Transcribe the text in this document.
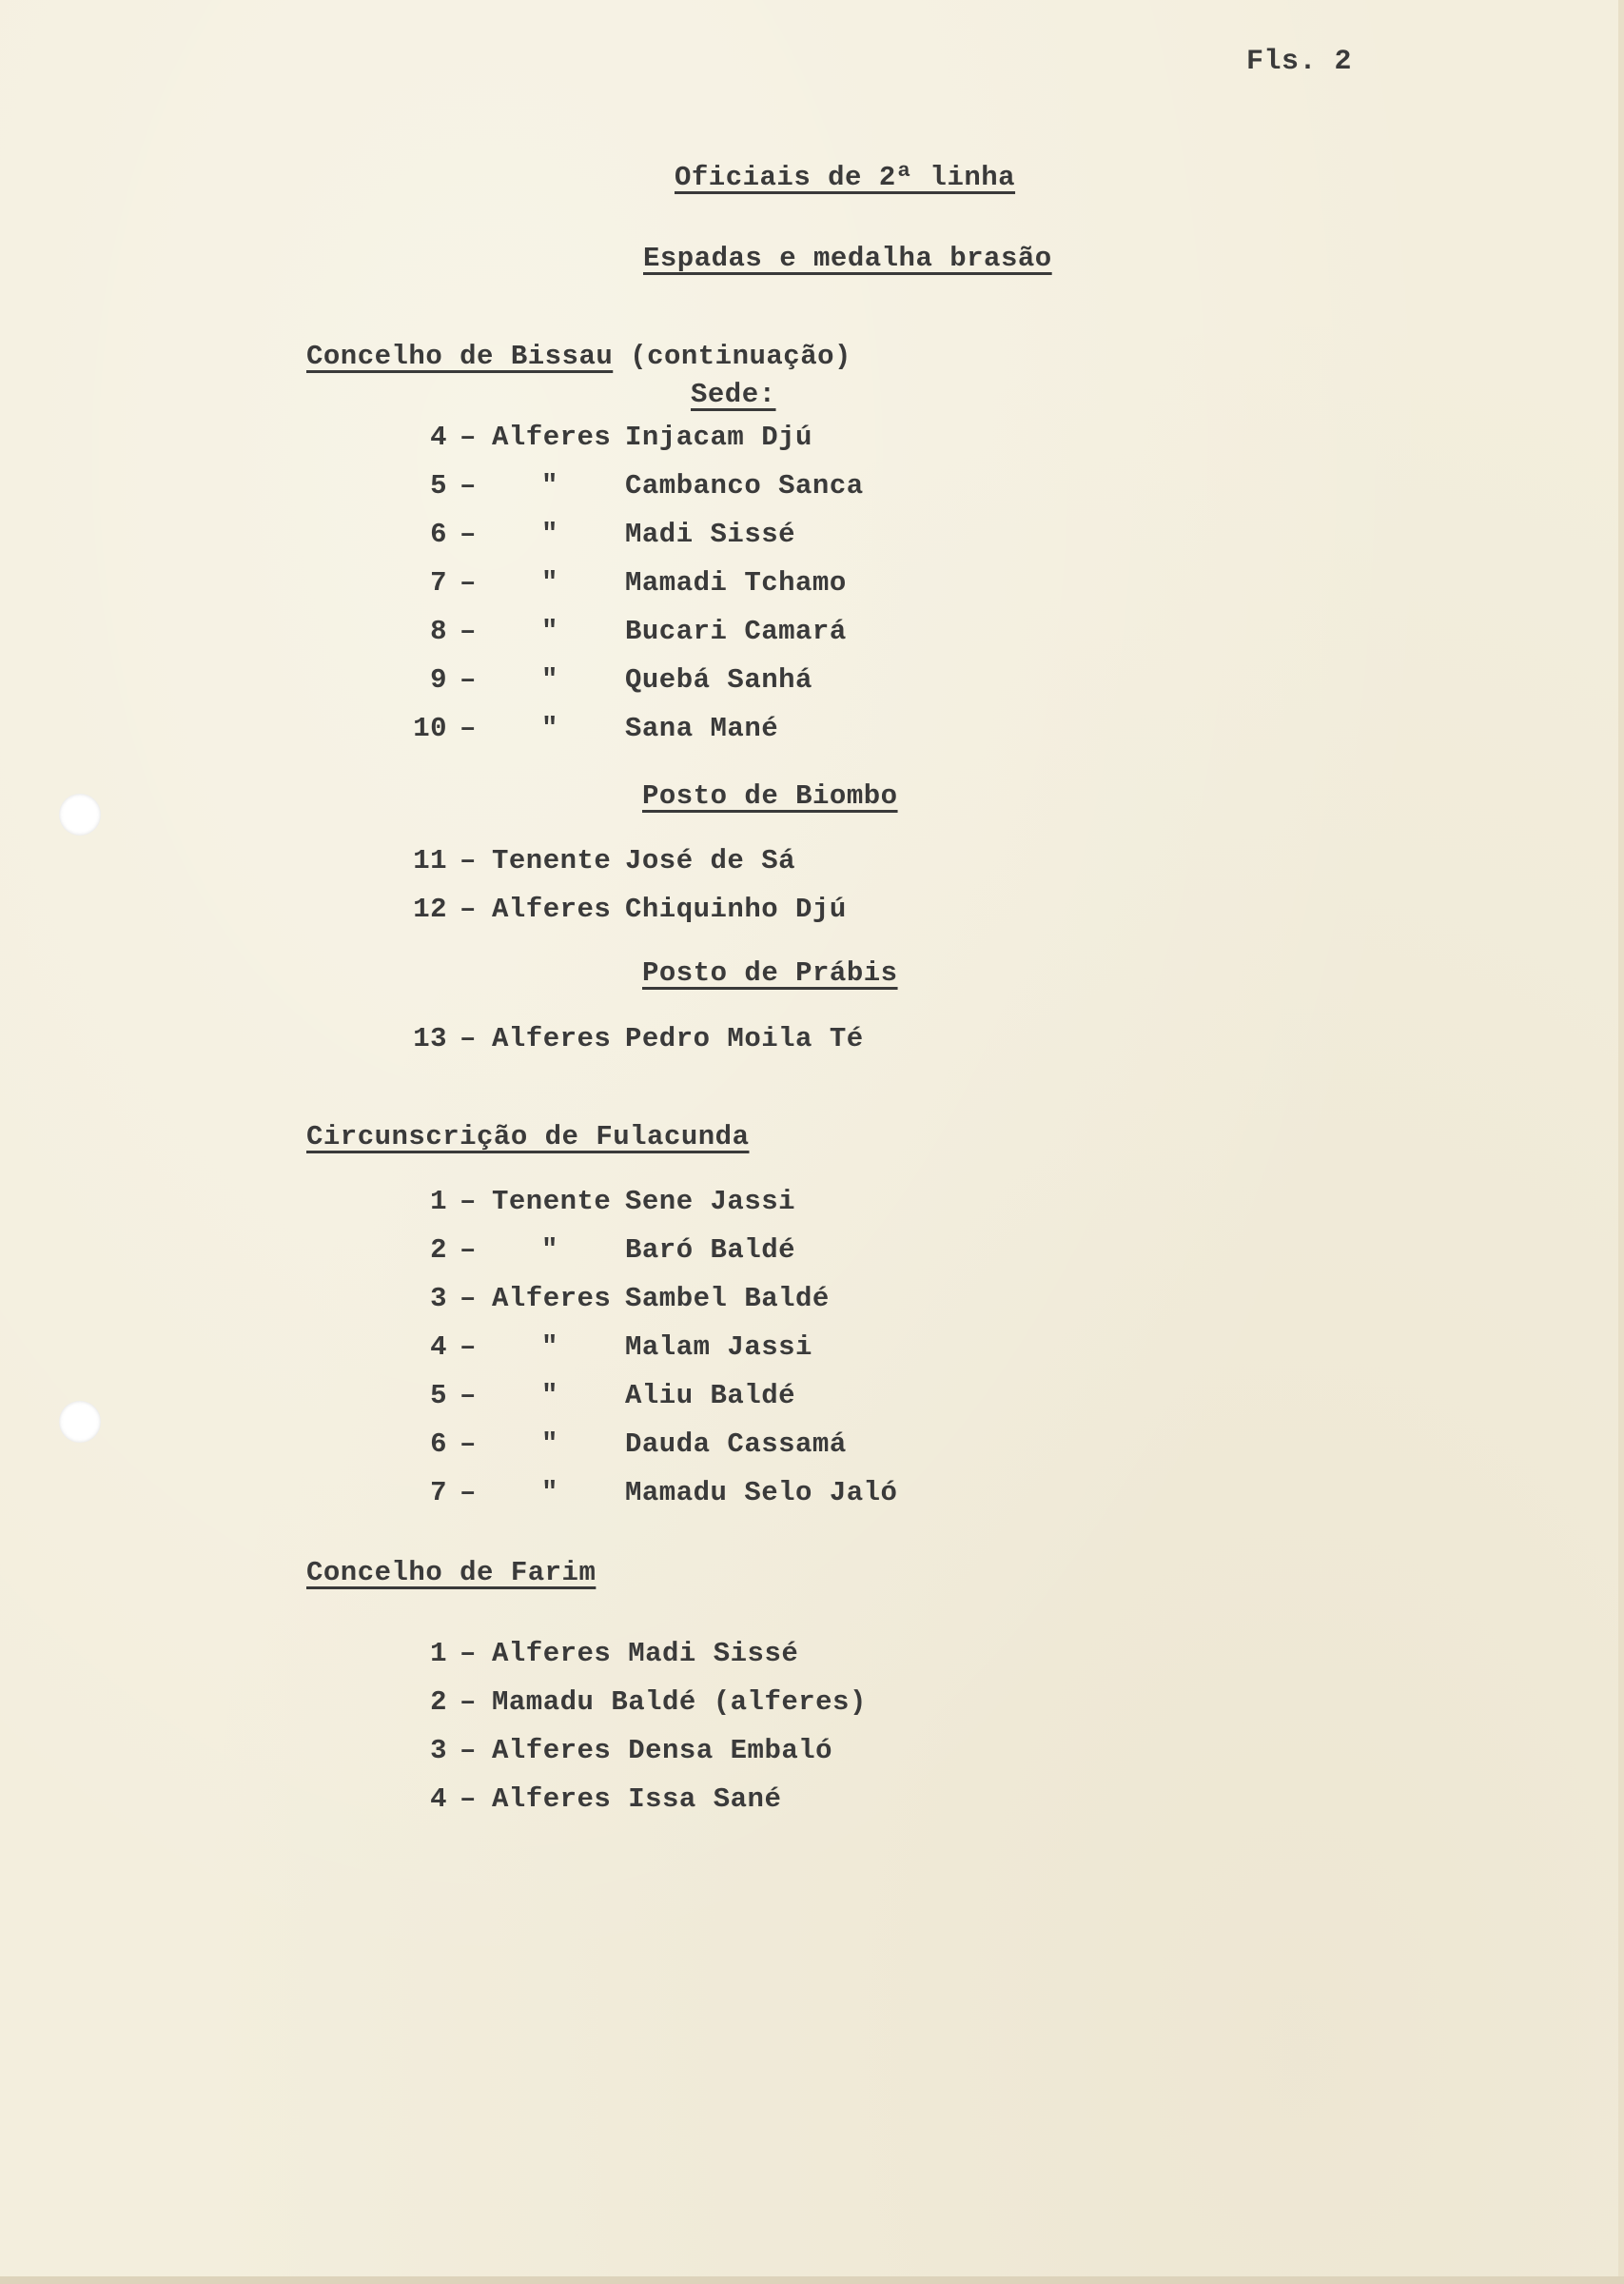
Fls. 2
Oficiais de 2ª linha
Espadas e medalha brasão
Concelho de Bissau (continuação)
Sede:
4 – Alferes Injacam Djú
5 – " Cambanco Sanca
6 – " Madi Sissé
7 – " Mamadi Tchamo
8 – " Bucari Camará
9 – " Quebá Sanhá
10 – " Sana Mané
Posto de Biombo
11 – Tenente José de Sá
12 – Alferes Chiquinho Djú
Posto de Prábis
13 – Alferes Pedro Moila Té
Circunscrição de Fulacunda
1 – Tenente Sene Jassi
2 – " Baró Baldé
3 – Alferes Sambel Baldé
4 – " Malam Jassi
5 – " Aliu Baldé
6 – " Dauda Cassamá
7 – " Mamadu Selo Jaló
Concelho de Farim
1 – Alferes Madi Sissé
2 – Mamadu Baldé (alferes)
3 – Alferes Densa Embaló
4 – Alferes Issa Sané
